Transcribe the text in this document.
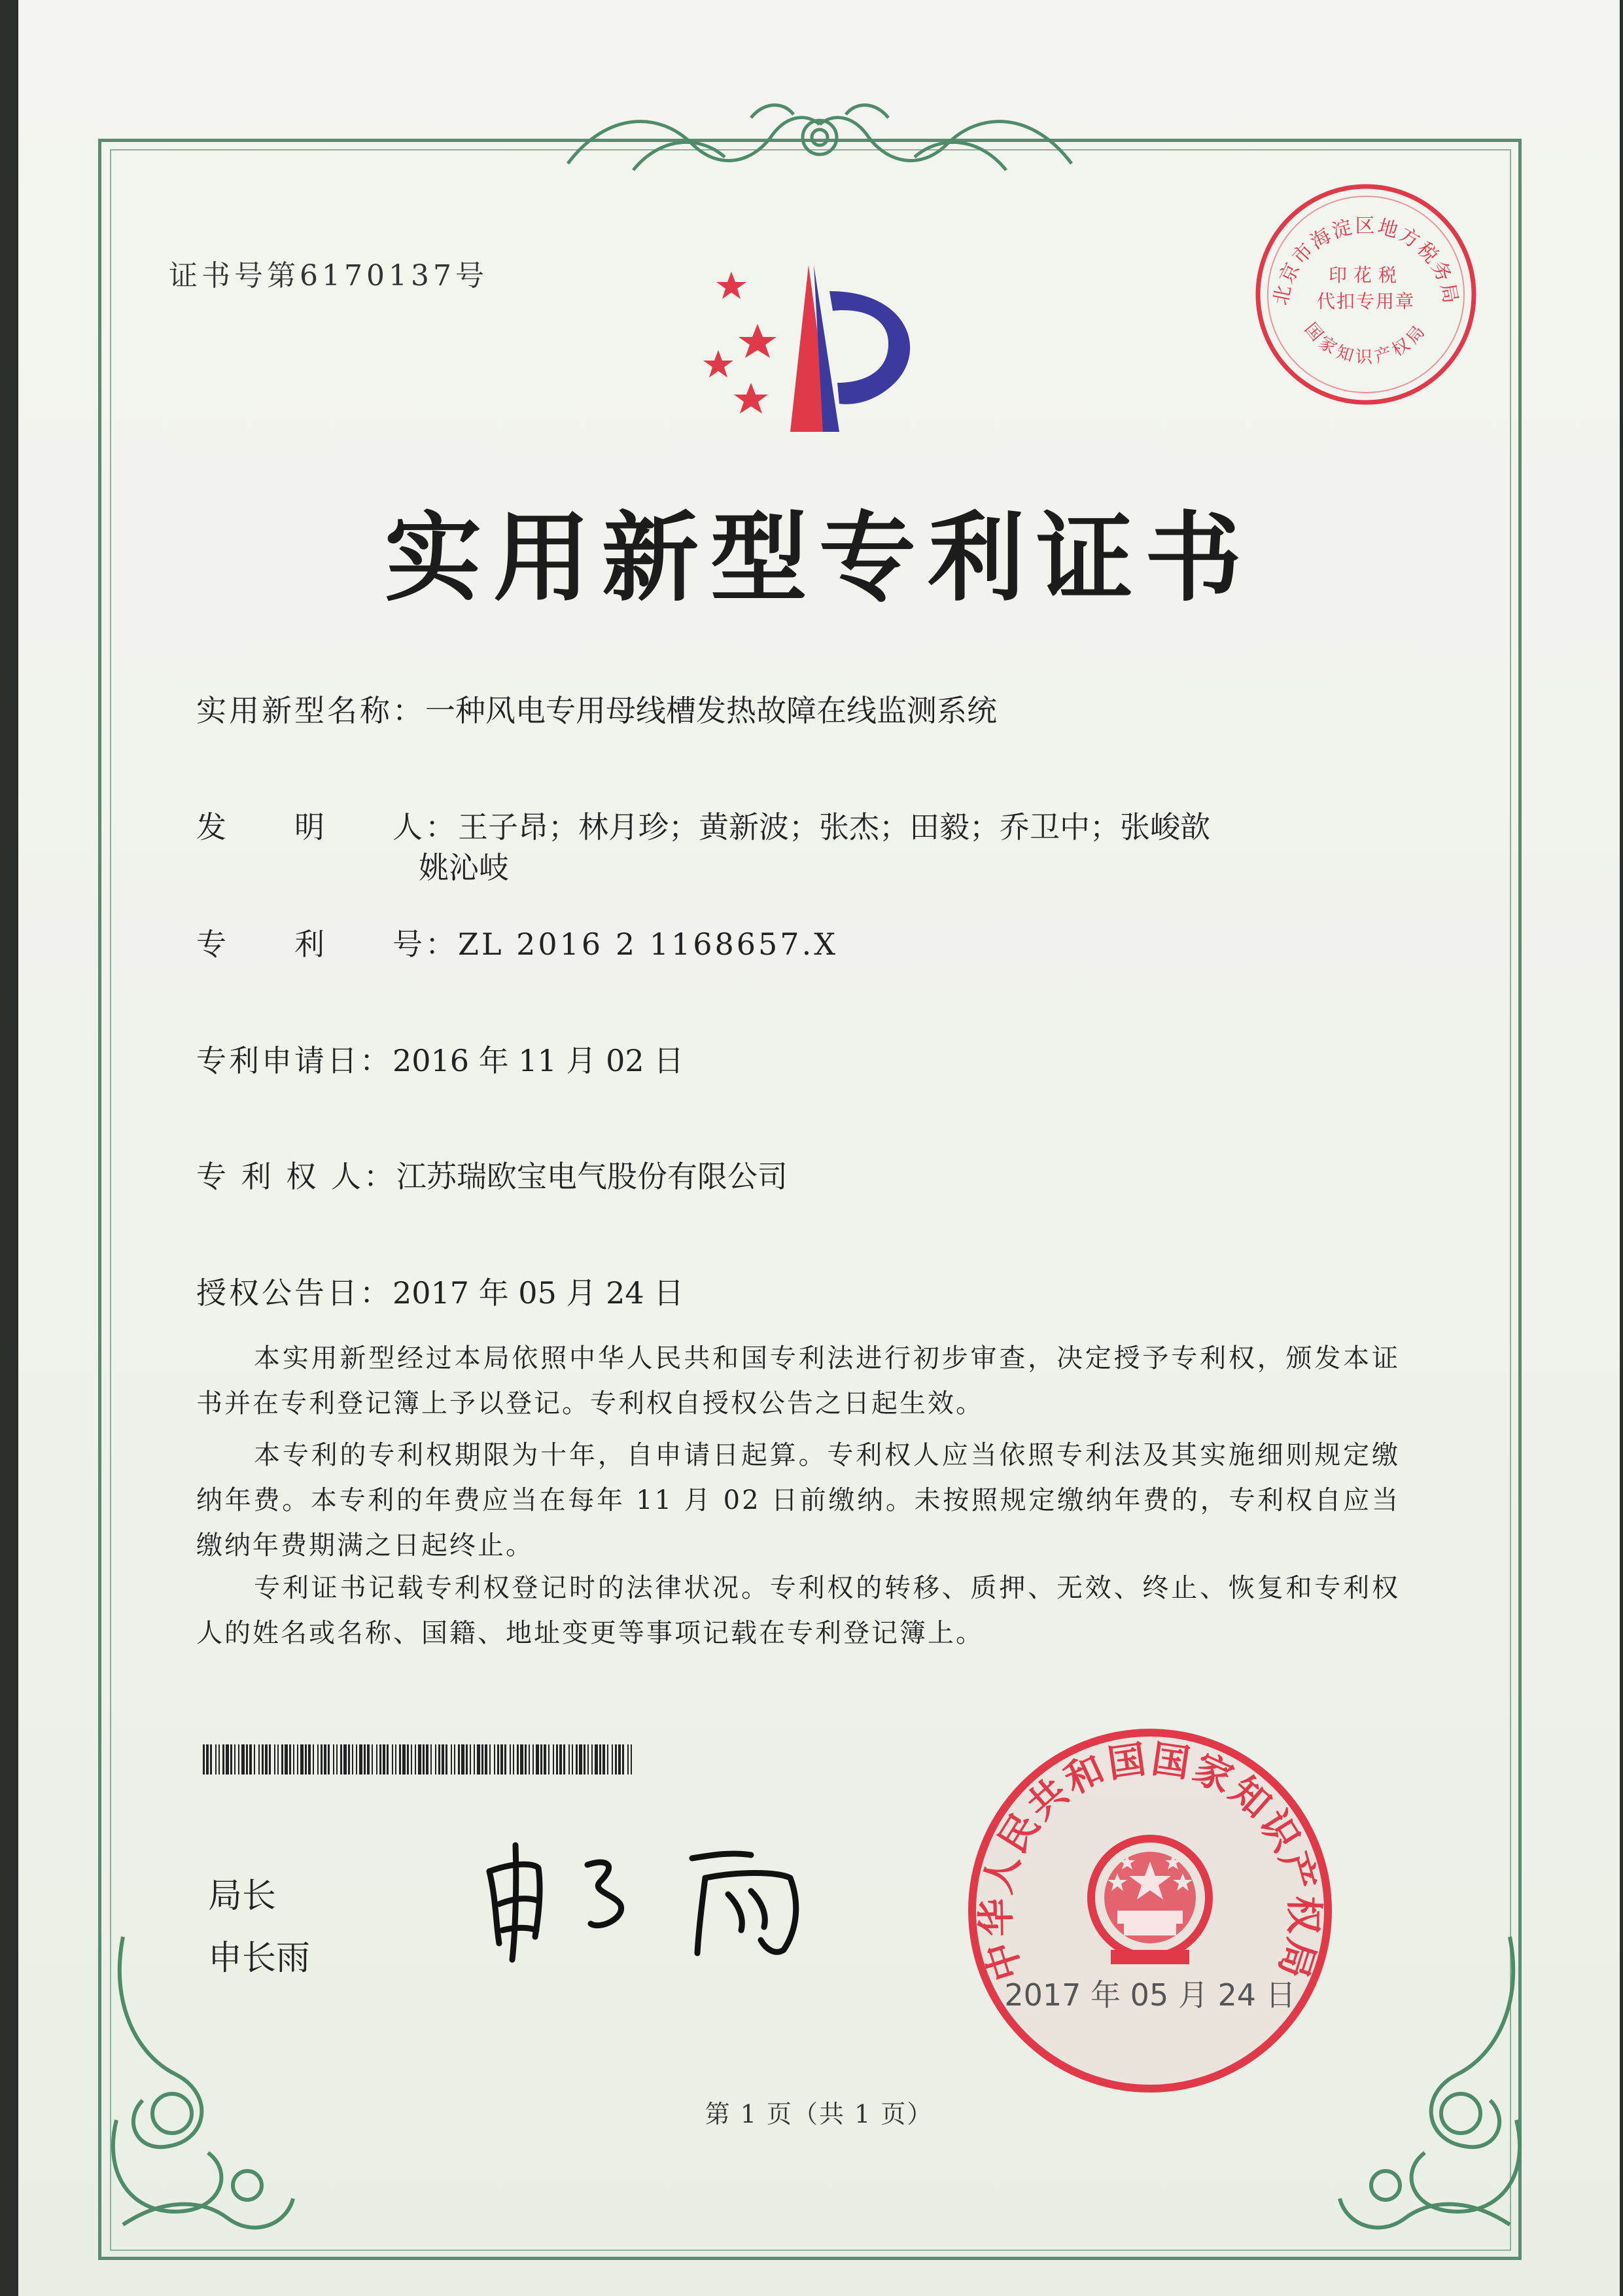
证书号第6170137号
北京市海淀区地方税务局
印花税
代扣专用章
国家知识产权局
实用新型专利证书
实用新型名称：一种风电专用母线槽发热故障在线监测系统
发　　明　　人：王子昂；林月珍；黄新波；张杰；田毅；乔卫中；张峻歆
姚沁岐
专　　利　　号：ZL 2016 2 1168657.X
专利申请日：2016 年 11 月 02 日
专 利 权 人：江苏瑞欧宝电气股份有限公司
授权公告日：2017 年 05 月 24 日
本实用新型经过本局依照中华人民共和国专利法进行初步审查，决定授予专利权，颁发本证书并在专利登记簿上予以登记。专利权自授权公告之日起生效。
本专利的专利权期限为十年，自申请日起算。专利权人应当依照专利法及其实施细则规定缴纳年费。本专利的年费应当在每年 11 月 02 日前缴纳。未按照规定缴纳年费的，专利权自应当缴纳年费期满之日起终止。
专利证书记载专利权登记时的法律状况。专利权的转移、质押、无效、终止、恢复和专利权人的姓名或名称、国籍、地址变更等事项记载在专利登记簿上。
局长
申长雨	中华人民共和国国家知识产权局
2017 年 05 月 24 日
第 1 页（共 1 页）
